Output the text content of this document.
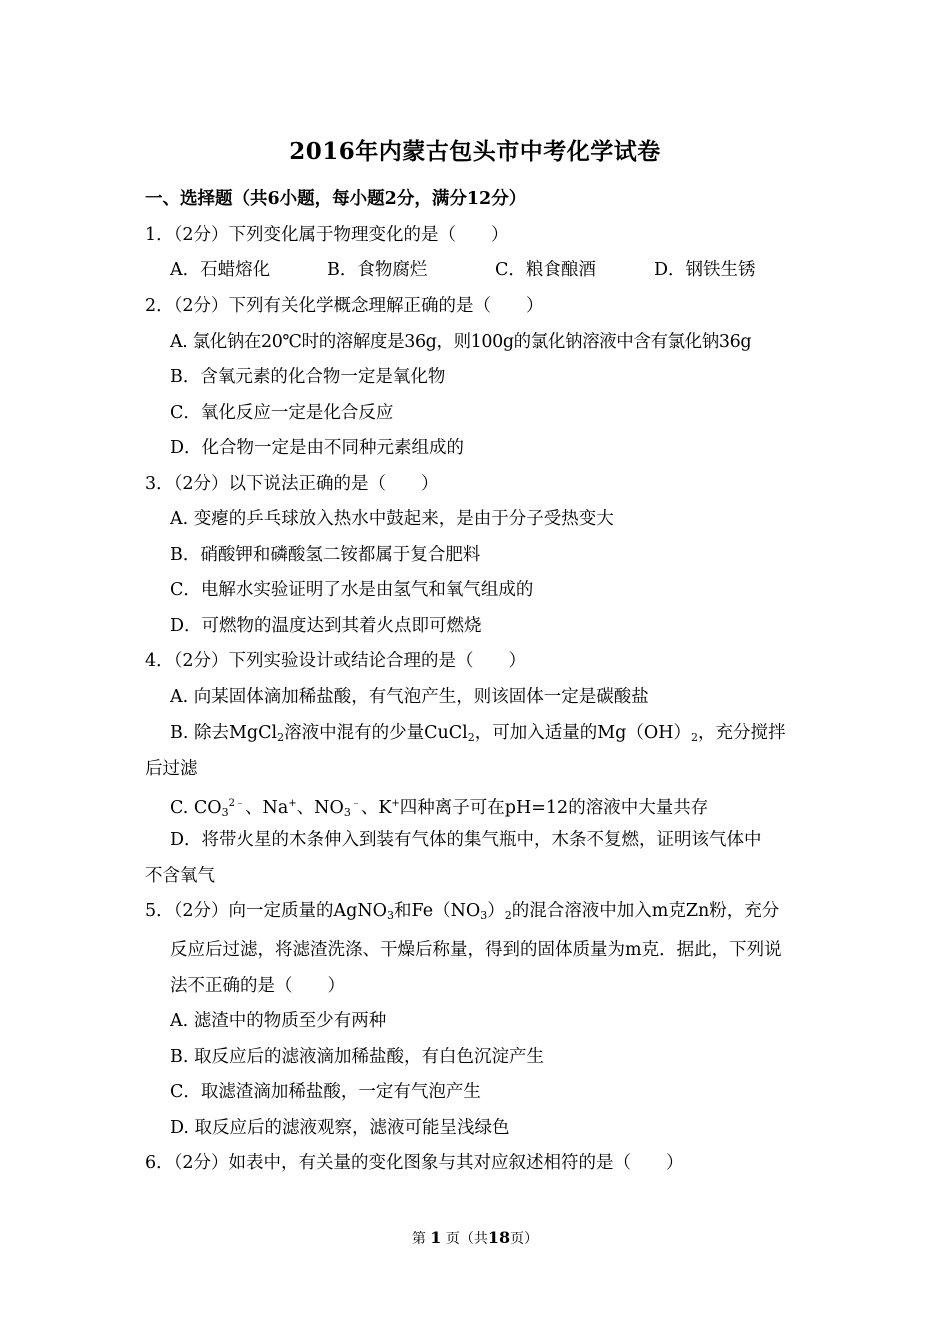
2016年内蒙古包头市中考化学试卷
一、选择题（共6小题，每小题2分，满分12分）
1．（2分）下列变化属于物理变化的是（　　）
A．石蜡熔化	B．食物腐烂	C．粮食酿酒	D．钢铁生锈
2．（2分）下列有关化学概念理解正确的是（　　）
A. 氯化钠在20℃时的溶解度是36g，则100g的氯化钠溶液中含有氯化钠36g
B．含氧元素的化合物一定是氧化物
C．氧化反应一定是化合反应
D．化合物一定是由不同种元素组成的
3．（2分）以下说法正确的是（　　）
A. 变瘪的乒乓球放入热水中鼓起来，是由于分子受热变大
B．硝酸钾和磷酸氢二铵都属于复合肥料
C．电解水实验证明了水是由氢气和氧气组成的
D．可燃物的温度达到其着火点即可燃烧
4．（2分）下列实验设计或结论合理的是（　　）
A. 向某固体滴加稀盐酸，有气泡产生，则该固体一定是碳酸盐
B. 除去MgCl$_2$溶液中混有的少量CuCl$_2$，可加入适量的$Mg(OH)_2$，充分搅拌
后过滤
C. $CO_3^{2﹣}$、Na+、$NO_3^﹣$、K+四种离子可在pH=12的溶液中大量共存
D．将带火星的木条伸入到装有气体的集气瓶中，木条不复燃，证明该气体中
不含氧气
5．（2分）向一定质量的AgNO$_3$和$Fe(NO_3)_2$的混合溶液中加入m克Zn粉，充分
反应后过滤，将滤渣洗涤、干燥后称量，得到的固体质量为m克．据此，下列说
法不正确的是（　　）
A. 滤渣中的物质至少有两种
B. 取反应后的滤液滴加稀盐酸，有白色沉淀产生
C．取滤渣滴加稀盐酸，一定有气泡产生
D. 取反应后的滤液观察，滤液可能呈浅绿色
6．（2分）如表中，有关量的变化图象与其对应叙述相符的是（　　）
第 1 页（共18页）
